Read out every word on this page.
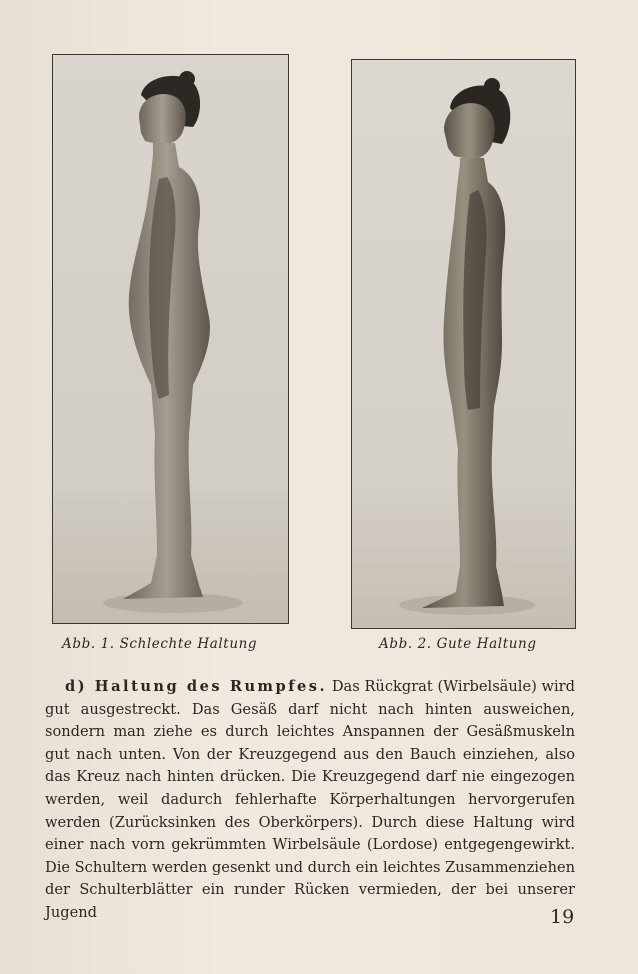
Abb. 1. Schlechte Haltung	Abb. 2. Gute Haltung

d) Haltung des Rumpfes. Das Rückgrat (Wirbelsäule) wird gut ausgestreckt. Das Gesäß darf nicht nach hinten ausweichen, sondern man ziehe es durch leichtes Anspannen der Gesäßmuskeln gut nach unten. Von der Kreuzgegend aus den Bauch einziehen, also das Kreuz nach hinten drücken. Die Kreuzgegend darf nie eingezogen werden, weil dadurch fehlerhafte Körperhaltungen hervorgerufen werden (Zurücksinken des Oberkörpers). Durch diese Haltung wird einer nach vorn gekrümmten Wirbelsäule (Lordose) entgegengewirkt. Die Schultern werden gesenkt und durch ein leichtes Zusammenziehen der Schulterblätter ein runder Rücken vermieden, der bei unserer Jugend	19
